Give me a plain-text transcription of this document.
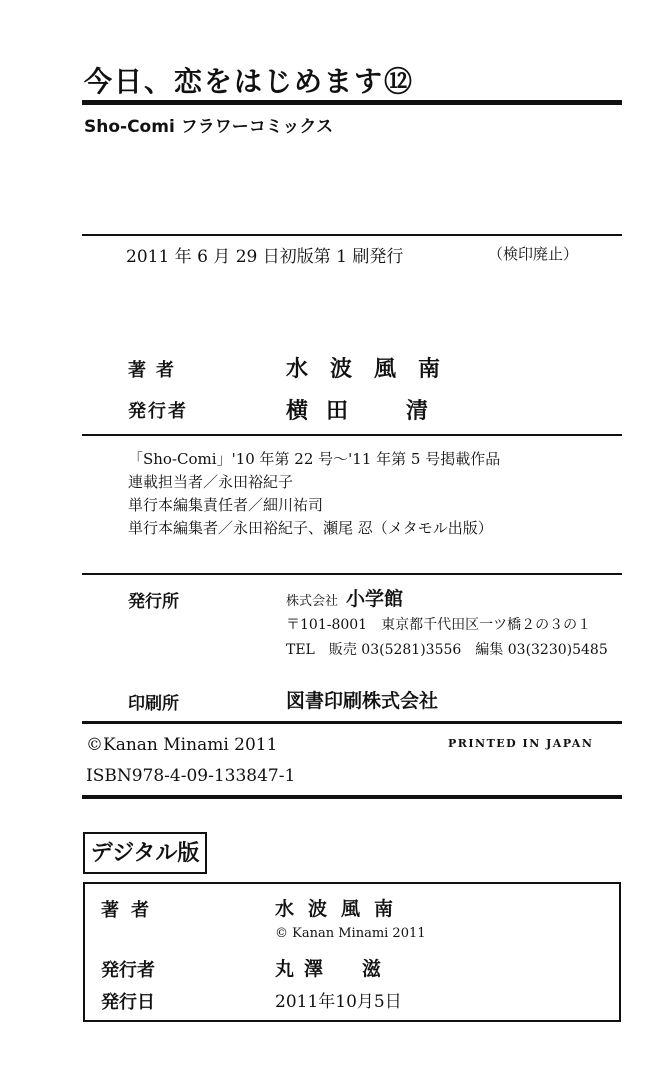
今日、恋をはじめます⑫
Sho-Comi フラワーコミックス
2011 年 6 月 29 日初版第 1 刷発行	（検印廃止）
著者	水波風南
発行者	横田　清
「Sho-Comi」'10 年第 22 号〜'11 年第 5 号掲載作品
連載担当者／永田裕紀子
単行本編集責任者／細川祐司
単行本編集者／永田裕紀子、瀬尾 忍（メタモル出版）
発行所	株式会社 小学館
〒101-8001　東京都千代田区一ツ橋２の３の１
TEL　販売 03(5281)3556　編集 03(3230)5485
印刷所	図書印刷株式会社
©Kanan Minami 2011	PRINTED IN JAPAN
ISBN978-4-09-133847-1
デジタル版
著者	水波風南
© Kanan Minami 2011
発行者	丸澤　滋
発行日	2011年10月5日
